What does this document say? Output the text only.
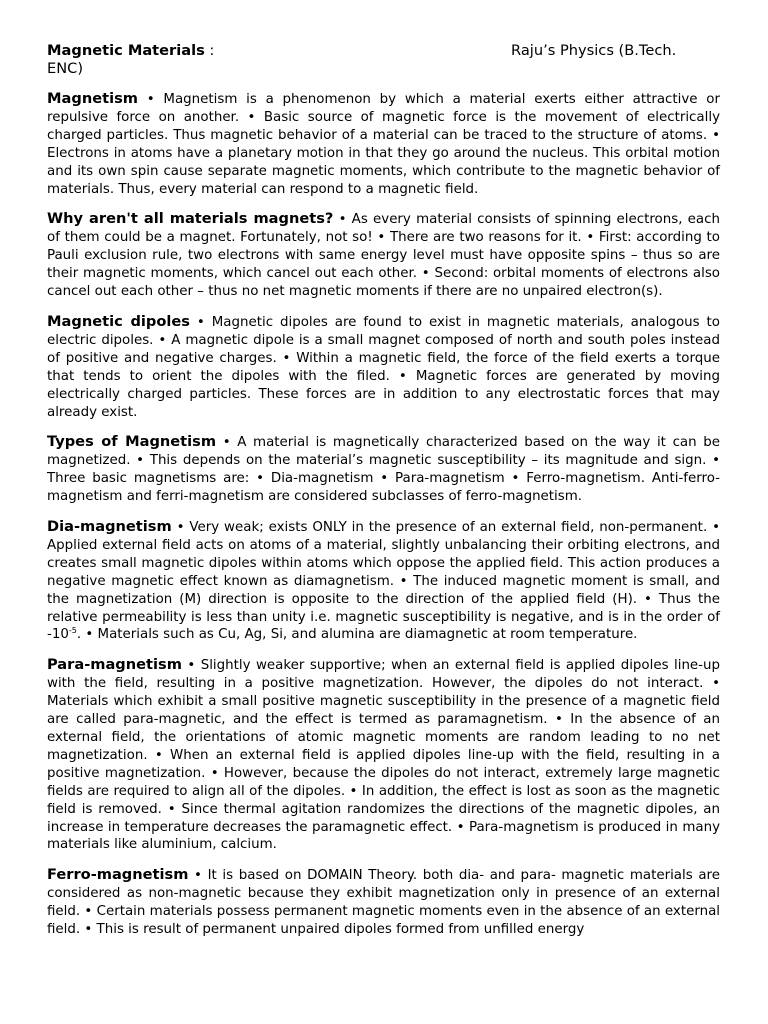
Magnetic Materials :	Raju’s Physics (B.Tech.
ENC)

Magnetism • Magnetism is a phenomenon by which a material exerts either attractive or repulsive force on another. • Basic source of magnetic force is the movement of electrically charged particles. Thus magnetic behavior of a material can be traced to the structure of atoms. • Electrons in atoms have a planetary motion in that they go around the nucleus. This orbital motion and its own spin cause separate magnetic moments, which contribute to the magnetic behavior of materials. Thus, every material can respond to a magnetic field.

Why aren't all materials magnets? • As every material consists of spinning electrons, each of them could be a magnet. Fortunately, not so! • There are two reasons for it. • First: according to Pauli exclusion rule, two electrons with same energy level must have opposite spins – thus so are their magnetic moments, which cancel out each other. • Second: orbital moments of electrons also cancel out each other – thus no net magnetic moments if there are no unpaired electron(s).

Magnetic dipoles • Magnetic dipoles are found to exist in magnetic materials, analogous to electric dipoles. • A magnetic dipole is a small magnet composed of north and south poles instead of positive and negative charges. • Within a magnetic field, the force of the field exerts a torque that tends to orient the dipoles with the filed. • Magnetic forces are generated by moving electrically charged particles. These forces are in addition to any electrostatic forces that may already exist.

Types of Magnetism • A material is magnetically characterized based on the way it can be magnetized. • This depends on the material’s magnetic susceptibility – its magnitude and sign. • Three basic magnetisms are: • Dia-magnetism • Para-magnetism • Ferro-magnetism. Anti-ferro-magnetism and ferri-magnetism are considered subclasses of ferro-magnetism.

Dia-magnetism • Very weak; exists ONLY in the presence of an external field, non-permanent. • Applied external field acts on atoms of a material, slightly unbalancing their orbiting electrons, and creates small magnetic dipoles within atoms which oppose the applied field. This action produces a negative magnetic effect known as diamagnetism. • The induced magnetic moment is small, and the magnetization (M) direction is opposite to the direction of the applied field (H). • Thus the relative permeability is less than unity i.e. magnetic susceptibility is negative, and is in the order of $-10^{-5}$. • Materials such as Cu, Ag, Si, and alumina are diamagnetic at room temperature.

Para-magnetism • Slightly weaker supportive; when an external field is applied dipoles line-up with the field, resulting in a positive magnetization. However, the dipoles do not interact. • Materials which exhibit a small positive magnetic susceptibility in the presence of a magnetic field are called para-magnetic, and the effect is termed as paramagnetism. • In the absence of an external field, the orientations of atomic magnetic moments are random leading to no net magnetization. • When an external field is applied dipoles line-up with the field, resulting in a positive magnetization. • However, because the dipoles do not interact, extremely large magnetic fields are required to align all of the dipoles. • In addition, the effect is lost as soon as the magnetic field is removed. • Since thermal agitation randomizes the directions of the magnetic dipoles, an increase in temperature decreases the paramagnetic effect. • Para-magnetism is produced in many materials like aluminium, calcium.

Ferro-magnetism • It is based on DOMAIN Theory. both dia- and para- magnetic materials are considered as non-magnetic because they exhibit magnetization only in presence of an external field. • Certain materials possess permanent magnetic moments even in the absence of an external field. • This is result of permanent unpaired dipoles formed from unfilled energy
